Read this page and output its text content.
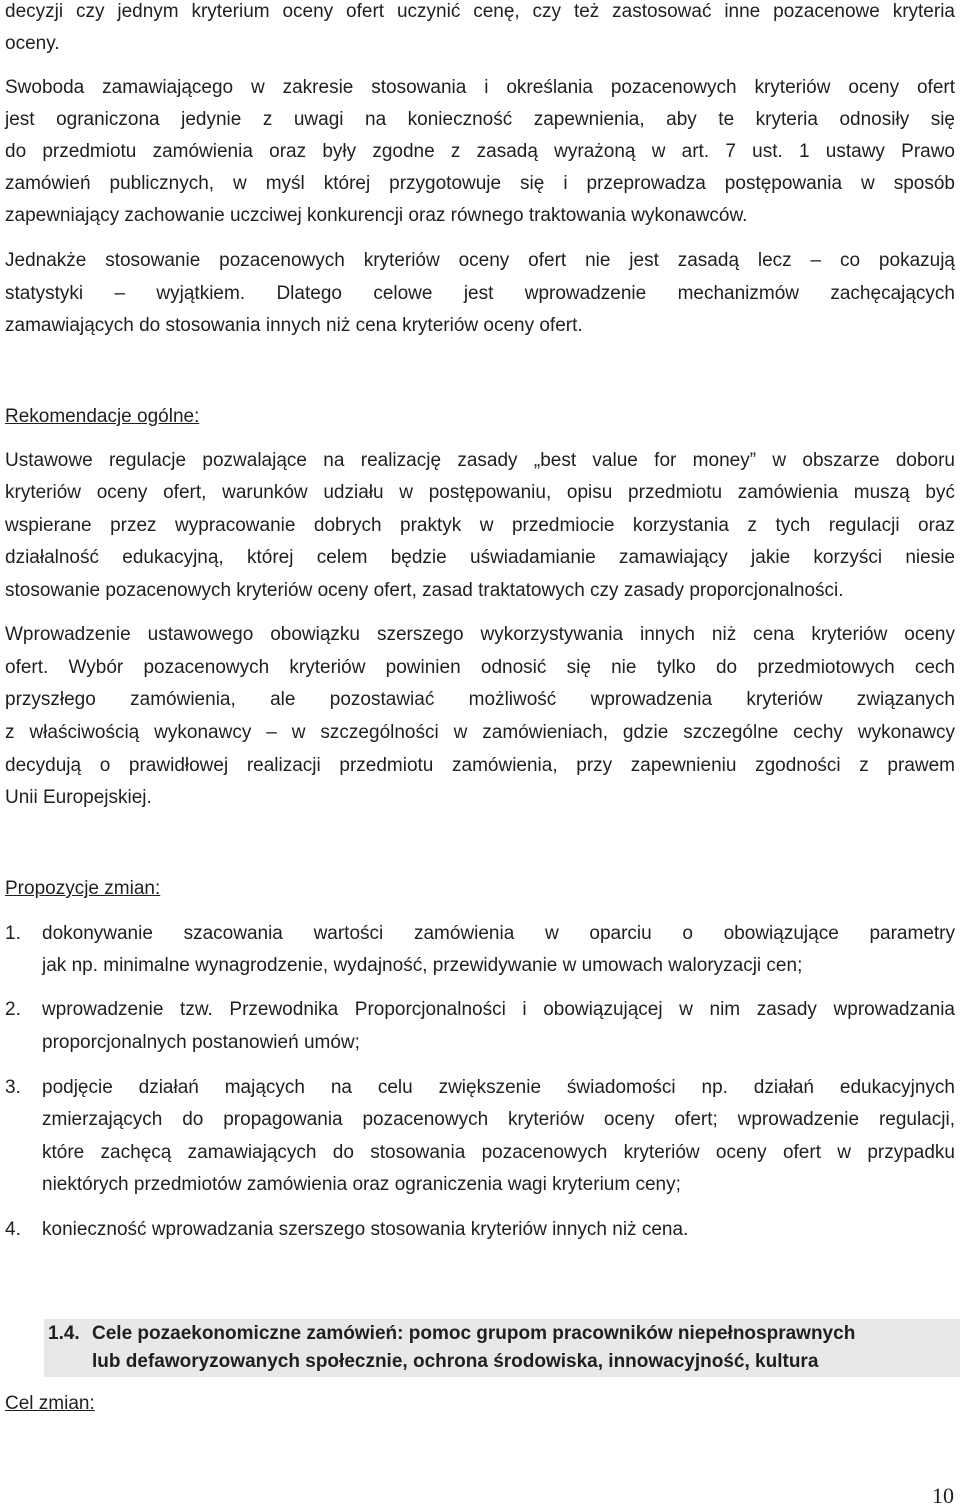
decyzji czy jednym kryterium oceny ofert uczynić cenę, czy też zastosować inne pozacenowe kryteria
oceny.
Swoboda zamawiającego w zakresie stosowania i określania pozacenowych kryteriów oceny ofert
jest ograniczona jedynie z uwagi na konieczność zapewnienia, aby te kryteria odnosiły się
do przedmiotu zamówienia oraz były zgodne z zasadą wyrażoną w art. 7 ust. 1 ustawy Prawo
zamówień publicznych, w myśl której przygotowuje się i przeprowadza postępowania w sposób
zapewniający zachowanie uczciwej konkurencji oraz równego traktowania wykonawców.
Jednakże stosowanie pozacenowych kryteriów oceny ofert nie jest zasadą lecz – co pokazują
statystyki – wyjątkiem. Dlatego celowe jest wprowadzenie mechanizmów zachęcających
zamawiających do stosowania innych niż cena kryteriów oceny ofert.
Rekomendacje ogólne:
Ustawowe regulacje pozwalające na realizację zasady „best value for money” w obszarze doboru
kryteriów oceny ofert, warunków udziału w postępowaniu, opisu przedmiotu zamówienia muszą być
wspierane przez wypracowanie dobrych praktyk w przedmiocie korzystania z tych regulacji oraz
działalność edukacyjną, której celem będzie uświadamianie zamawiający jakie korzyści niesie
stosowanie pozacenowych kryteriów oceny ofert, zasad traktatowych czy zasady proporcjonalności.
Wprowadzenie ustawowego obowiązku szerszego wykorzystywania innych niż cena kryteriów oceny
ofert. Wybór pozacenowych kryteriów powinien odnosić się nie tylko do przedmiotowych cech
przyszłego zamówienia, ale pozostawiać możliwość wprowadzenia kryteriów związanych
z właściwością wykonawcy – w szczególności w zamówieniach, gdzie szczególne cechy wykonawcy
decydują o prawidłowej realizacji przedmiotu zamówienia, przy zapewnieniu zgodności z prawem
Unii Europejskiej.
Propozycje zmian:
1.	dokonywanie szacowania wartości zamówienia w oparciu o obowiązujące parametry
jak np. minimalne wynagrodzenie, wydajność, przewidywanie w umowach waloryzacji cen;
2.	wprowadzenie tzw. Przewodnika Proporcjonalności i obowiązującej w nim zasady wprowadzania
proporcjonalnych postanowień umów;
3.	podjęcie działań mających na celu zwiększenie świadomości np. działań edukacyjnych
zmierzających do propagowania pozacenowych kryteriów oceny ofert; wprowadzenie regulacji,
które zachęcą zamawiających do stosowania pozacenowych kryteriów oceny ofert w przypadku
niektórych przedmiotów zamówienia oraz ograniczenia wagi kryterium ceny;
4.	konieczność wprowadzania szerszego stosowania kryteriów innych niż cena.
1.4. Cele pozaekonomiczne zamówień: pomoc grupom pracowników niepełnosprawnych
lub defaworyzowanych społecznie, ochrona środowiska, innowacyjność, kultura
Cel zmian:
10
